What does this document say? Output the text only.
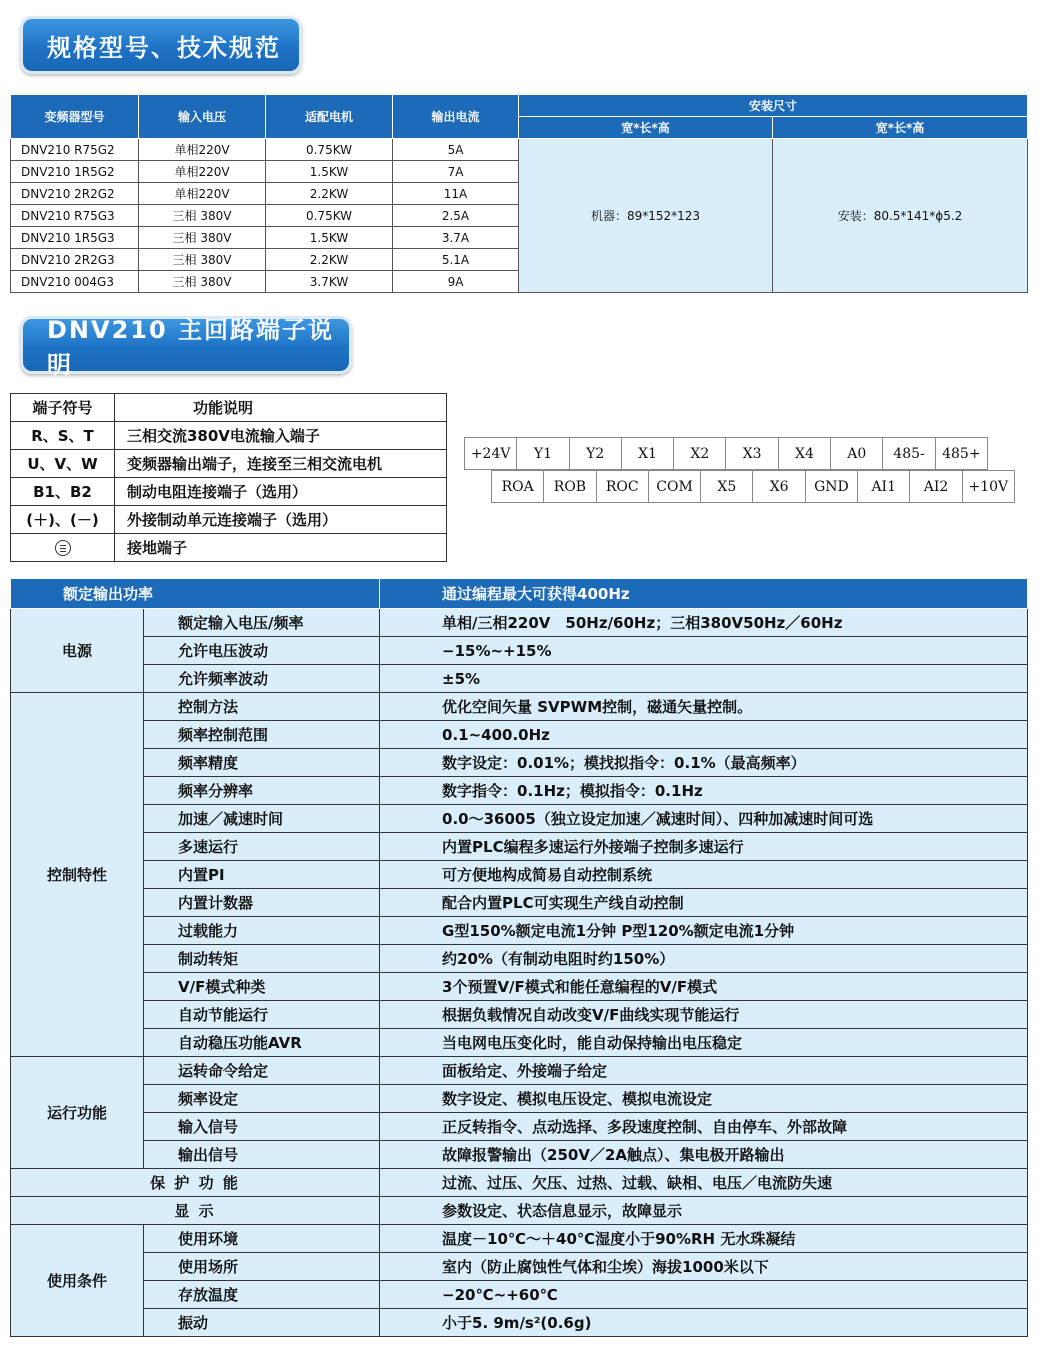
规格型号、技术规范
变频器型号	输入电压	适配电机	输出电流	安装尺寸	
				宽*长*高	宽*长*高
DNV210 R75G2	单相220V	0.75KW	5A	机器：89*152*123	安装：80.5*141*ϕ5.2
DNV210 1R5G2	单相220V	1.5KW	7A		
DNV210 2R2G2	单相220V	2.2KW	11A		
DNV210 R75G3	三相 380V	0.75KW	2.5A		
DNV210 1R5G3	三相 380V	1.5KW	3.7A		
DNV210 2R2G3	三相 380V	2.2KW	5.1A		
DNV210 004G3	三相 380V	3.7KW	9A		
DNV210 主回路端子说明
端子符号	功能说明
R、S、T	三相交流380V电流输入端子
U、V、W	变频器输出端子，连接至三相交流电机
B1、B2	制动电阻连接端子（选用）
(＋)、(－)	外接制动单元连接端子（选用）
	接地端子
+24V	Y1	Y2	X1	X2	X3	X4	A0	485-	485+
ROA	ROB	ROC	COM	X5	X6	GND	AI1	AI2	+10V
额定输出功率		通过编程最大可获得400Hz
电源	额定输入电压/频率	单相/三相220V　50Hz/60Hz；三相380V50Hz／60Hz
	允许电压波动	−15%~+15%
	允许频率波动	±5%
控制特性	控制方法	优化空间矢量 SVPWM控制，磁通矢量控制。
	频率控制范围	0.1~400.0Hz
	频率精度	数字设定：0.01%；模找拟指令：0.1%（最高频率）
	频率分辨率	数字指令：0.1Hz；模拟指令：0.1Hz
	加速／减速时间	0.0～36005（独立设定加速／减速时间）、四种加减速时间可选
	多速运行	内置PLC编程多速运行外接端子控制多速运行
	内置PI	可方便地构成简易自动控制系统
	内置计数器	配合内置PLC可实现生产线自动控制
	过载能力	G型150%额定电流1分钟 P型120%额定电流1分钟
	制动转矩	约20%（有制动电阻时约150%）
	V/F模式种类	3个预置V/F模式和能任意编程的V/F模式
	自动节能运行	根据负载情况自动改变V/F曲线实现节能运行
	自动稳压功能AVR	当电网电压变化时，能自动保持输出电压稳定
运行功能	运转命令给定	面板给定、外接端子给定
	频率设定	数字设定、模拟电压设定、模拟电流设定
	输入信号	正反转指令、点动选择、多段速度控制、自由停车、外部故障
	输出信号	故障报警输出（250V／2A触点）、集电极开路输出
保 护 功 能		过流、过压、欠压、过热、过载、缺相、电压／电流防失速
显 示		参数设定、状态信息显示，故障显示
使用条件	使用环境	温度－10℃～＋40℃湿度小于90%RH 无水珠凝结
	使用场所	室内（防止腐蚀性气体和尘埃）海拔1000米以下
	存放温度	−20℃~+60℃
	振动	小于5. 9m/s²(0.6g)
